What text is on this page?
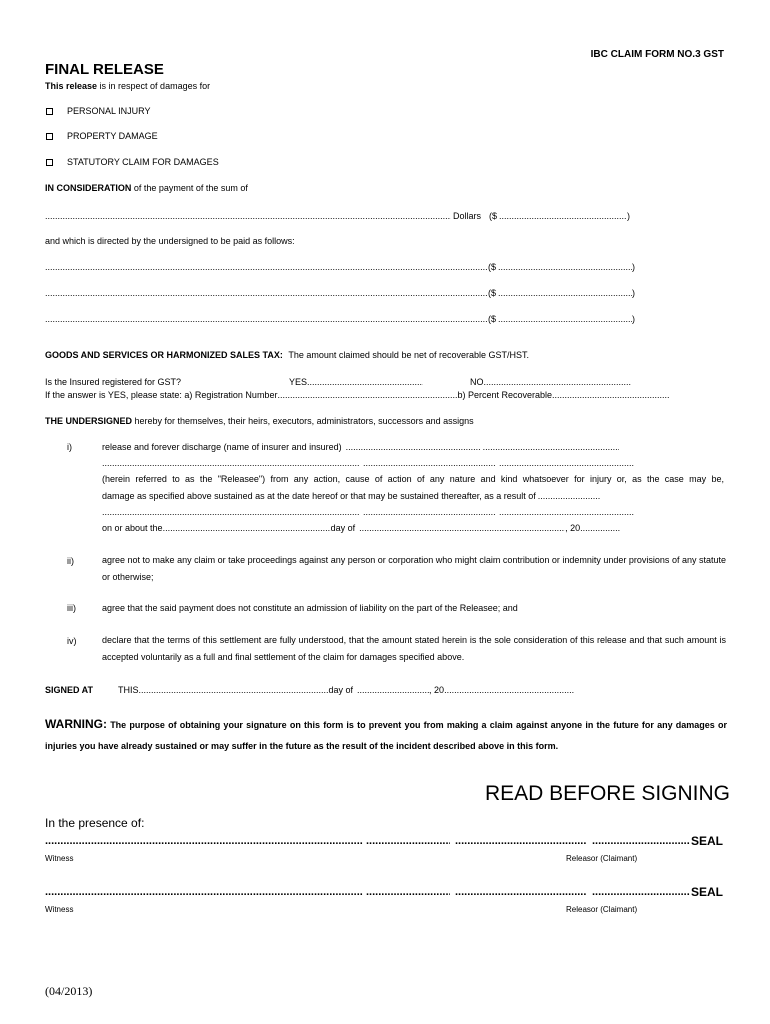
IBC CLAIM FORM NO.3 GST
FINAL RELEASE
This release is in respect of damages for
PERSONAL INJURY
PROPERTY DAMAGE
STATUTORY CLAIM FOR DAMAGES
IN CONSIDERATION of the payment of the sum of
.....
Dollars ($ .....	)
and which is directed by the undersigned to be paid as follows:
.....
($ .....	)
.....
($ .....	)
.....
($ .....	)
GOODS AND SERVICES OR HARMONIZED SALES TAX: The amount claimed should be net of recoverable GST/HST.
Is the Insured registered for GST?	YES .....	NO
.....
If the answer is YES, please state: a) Registration Number .....	b) Percent Recoverable
.....
THE UNDERSIGNED hereby for themselves, their heirs, executors, administrators, successors and assigns
i)	release and forever discharge (name of insurer and insured)
.....
.....
.....
.....
.....
(herein referred to as the "Releasee") from any action, cause of action of any nature and kind whatsoever for injury or, as the case may be,
damage as specified above sustained as at the date hereof or that may be sustained thereafter, as a result of
.....
.....
.....
.....
on or about the .....	day of .....	, 20
.....
ii)	agree not to make any claim or take proceedings against any person or corporation who might claim contribution or indemnity under provisions of any statute or otherwise;
iii)	agree that the said payment does not constitute an admission of liability on the part of the Releasee; and
iv)	declare that the terms of this settlement are fully understood, that the amount stated herein is the sole consideration of this release and that such amount is accepted voluntarily as a full and final settlement of the claim for damages specified above.
SIGNED AT	THIS .....	day of .....	, 20
.....
WARNING: The purpose of obtaining your signature on this form is to prevent you from making a claim against anyone in the future for any damages or injuries you have already sustained or may suffer in the future as the result of the incident described above in this form.
READ BEFORE SIGNING
In the presence of:
.....
.....
.....
.....
SEAL
Witness	Releasor (Claimant)
.....
.....
.....
.....
SEAL
Witness	Releasor (Claimant)
(04/2013)
